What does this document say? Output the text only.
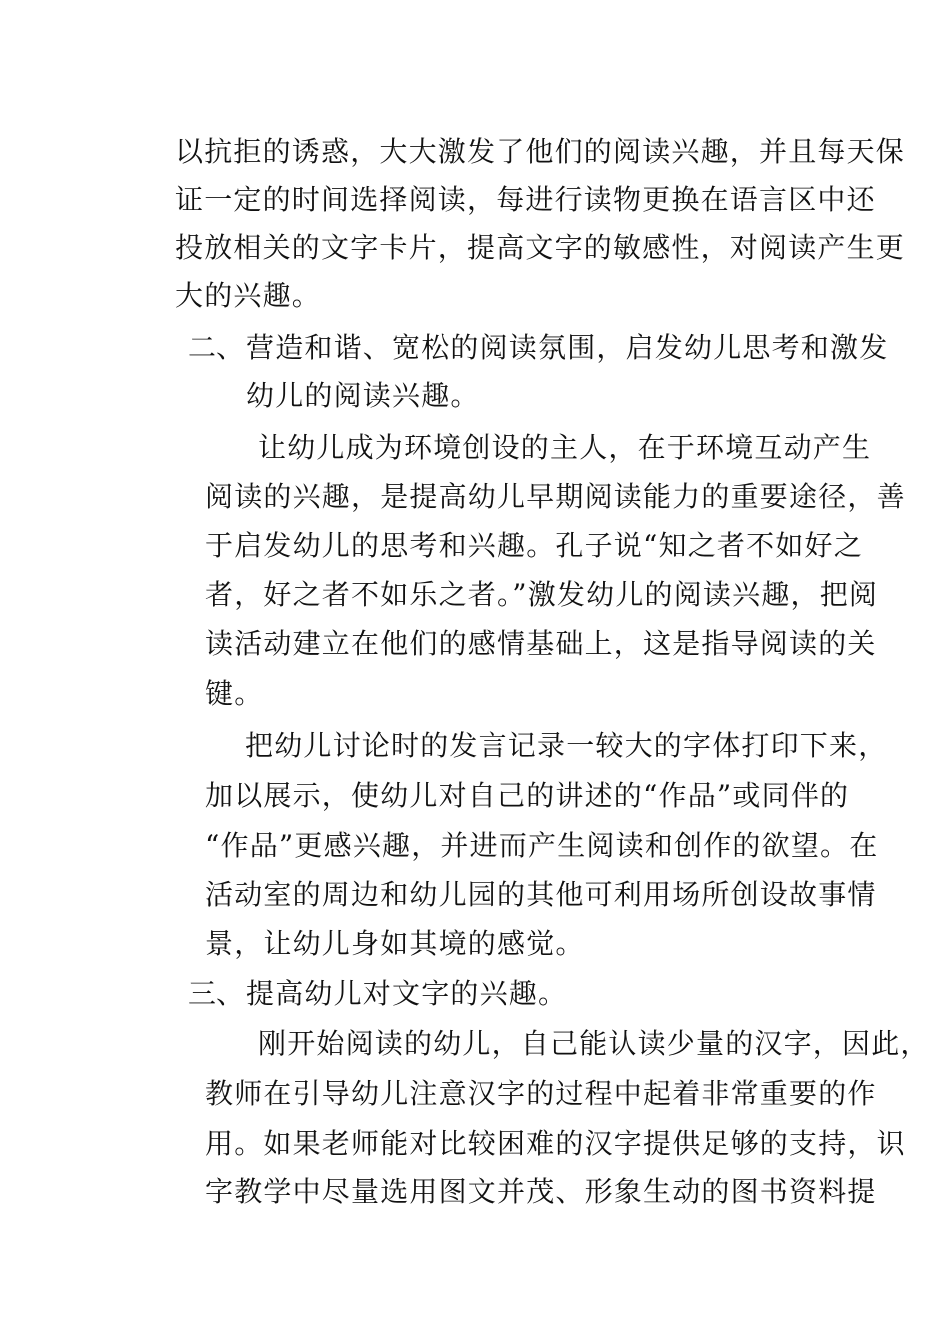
以抗拒的诱惑，大大激发了他们的阅读兴趣，并且每天保
证一定的时间选择阅读，每进行读物更换在语言区中还
投放相关的文字卡片，提高文字的敏感性，对阅读产生更
大的兴趣。
二、 营造和谐、宽松的阅读氛围，启发幼儿思考和激发
幼儿的阅读兴趣。
让幼儿成为环境创设的主人，在于环境互动产生
阅读的兴趣，是提高幼儿早期阅读能力的重要途径，善
于启发幼儿的思考和兴趣。孔子说“知之者不如好之
者，好之者不如乐之者。”激发幼儿的阅读兴趣，把阅
读活动建立在他们的感情基础上，这是指导阅读的关
键。
把幼儿讨论时的发言记录一较大的字体打印下来，
加以展示，使幼儿对自己的讲述的“作品”或同伴的
“作品”更感兴趣，并进而产生阅读和创作的欲望。在
活动室的周边和幼儿园的其他可利用场所创设故事情
景，让幼儿身如其境的感觉。
三、 提高幼儿对文字的兴趣。
刚开始阅读的幼儿，自己能认读少量的汉字，因此，
教师在引导幼儿注意汉字的过程中起着非常重要的作
用。如果老师能对比较困难的汉字提供足够的支持，识
字教学中尽量选用图文并茂、形象生动的图书资料提
